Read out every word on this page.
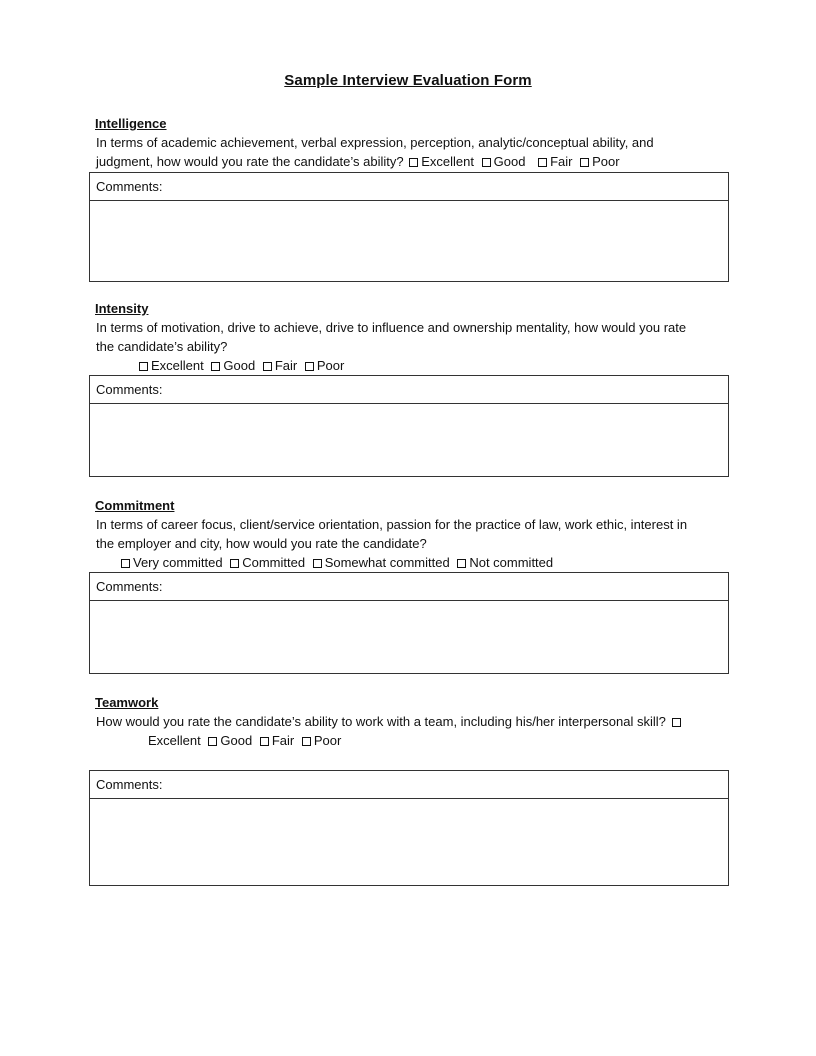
Sample Interview Evaluation Form
Intelligence
In terms of academic achievement, verbal expression, perception, analytic/conceptual ability, and
judgment, how would you rate the candidate’s ability? Excellent Good Fair Poor
Comments:
Intensity
In terms of motivation, drive to achieve, drive to influence and ownership mentality, how would you rate
the candidate’s ability?
Excellent Good Fair Poor
Comments:
Commitment
In terms of career focus, client/service orientation, passion for the practice of law, work ethic, interest in
the employer and city, how would you rate the candidate?
Very committed Committed Somewhat committed Not committed
Comments:
Teamwork
How would you rate the candidate’s ability to work with a team, including his/her interpersonal skill?
Excellent Good Fair Poor
Comments:
